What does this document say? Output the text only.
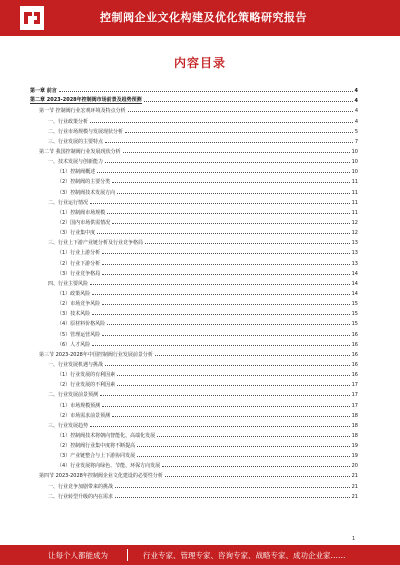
控制阀企业文化构建及优化策略研究报告
内容目录
第一章 前言	4
第二章 2023-2028年控制阀市场前景及趋势预测	4
第一节 控制阀行业宏观环境及特点分析	4
一、行业政策分析	4
二、行业市场规模与发展现状分析	5
三、行业发展的主要特点	7
第二节 我国控制阀行业发展现状分析	10
一、技术发展与创新能力	10
（1）控制阀概述	10
（2）控制阀的主要分类	11
（3）控制阀技术发展方向	11
二、行业运行情况	11
（1）控制阀市场规模	11
（2）国内市场供需情况	12
（3）行业集中度	12
三、行业上下游产业链分析及行业竞争格局	13
（1）行业上游分析	13
（2）行业下游分析	13
（3）行业竞争格局	14
四、行业主要风险	14
（1）政策风险	14
（2）市场竞争风险	15
（3）技术风险	15
（4）原材料价格风险	15
（5）管理运营风险	16
（6）人才风险	16
第三节 2023-2028年中国控制阀行业发展前景分析	16
一、行业发展机遇与挑战	16
（1）行业发展的有利因素	16
（2）行业发展的不利因素	17
二、行业发展前景预测	17
（1）市场规模预测	17
（2）市场需求前景预测	18
三、行业发展趋势	18
（1）控制阀技术将朝向智能化、高端化发展	18
（2）控制阀行业集中度将不断提高	19
（3）产业链整合与上下游协同发展	19
（4）行业发展将向绿色、节能、环保方向发展	20
第四节 2023-2028年控制阀企业文化建设的必要性分析	21
一、行业竞争加剧带来的挑战	21
二、行业转型升级的内在需求	21
1
让每个人都能成为	行业专家、管理专家、咨询专家、战略专家、成功企业家……
